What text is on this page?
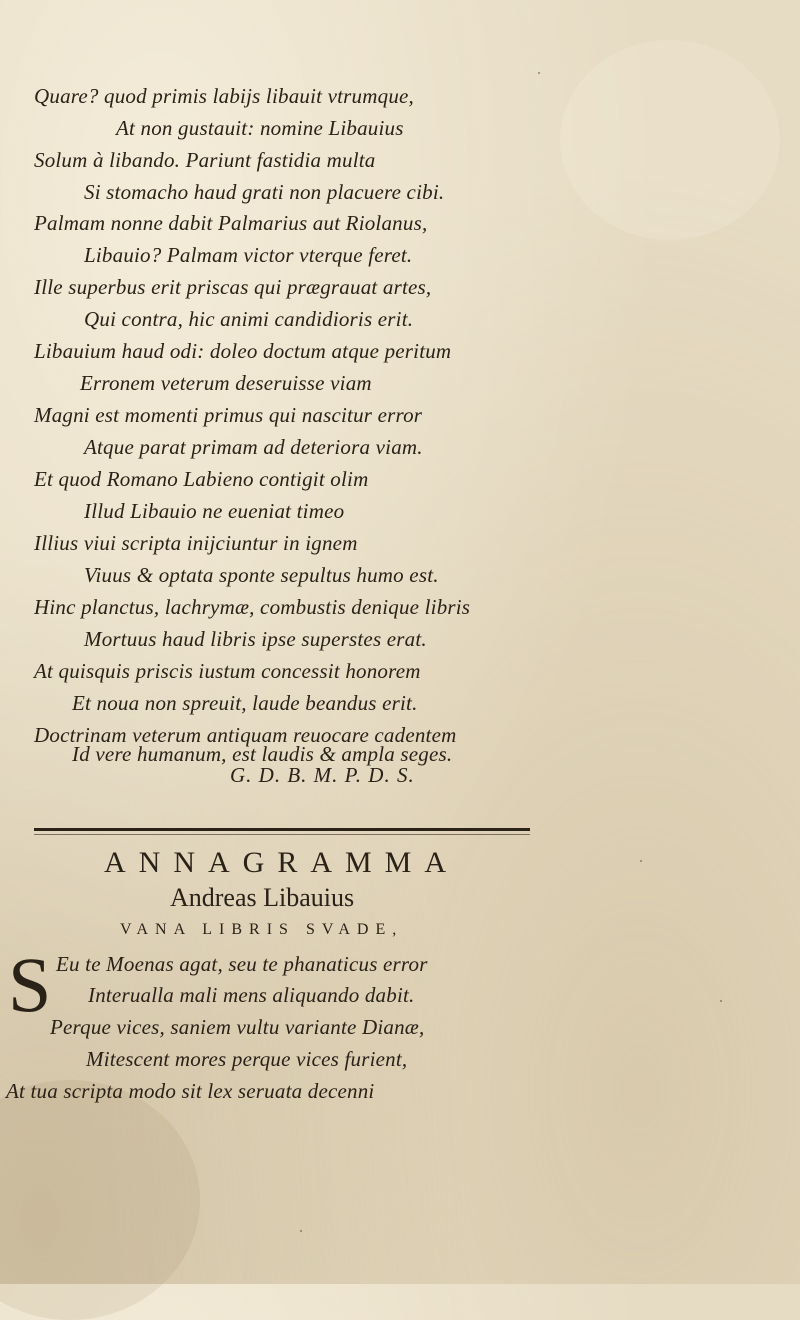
Quare? quod primis labijs libauit vtrumque,
At non gustauit: nomine Libauius
Solum à libando. Pariunt fastidia multa
Si stomacho haud grati non placuere cibi.
Palmam nonne dabit Palmarius aut Riolanus,
Libauio? Palmam victor vterque feret.
Ille superbus erit priscas qui prægrauat artes,
Qui contra, hic animi candidioris erit.
Libauium haud odi: doleo doctum atque peritum
Erronem veterum deseruisse viam
Magni est momenti primus qui nascitur error
Atque parat primam ad deteriora viam.
Et quod Romano Labieno contigit olim
Illud Libauio ne eueniat timeo
Illius viui scripta inijciuntur in ignem
Viuus & optata sponte sepultus humo est.
Hinc planctus, lachrymæ, combustis denique libris
Mortuus haud libris ipse superstes erat.
At quisquis priscis iustum concessit honorem
Et noua non spreuit, laude beandus erit.
Doctrinam veterum antiquam reuocare cadentem
Id vere humanum, est laudis & ampla seges.
G. D. B. M. P. D. S.
ANNAGRAMMA
Andreas Libauius
VANA LIBRIS SVADE,
S Eu te Moenas agat, seu te phanaticus error
Interualla mali mens aliquando dabit.
Perque vices, saniem vultu variante Dianæ,
Mitescent mores perque vices furient,
At tua scripta modo sit lex seruata decenni
